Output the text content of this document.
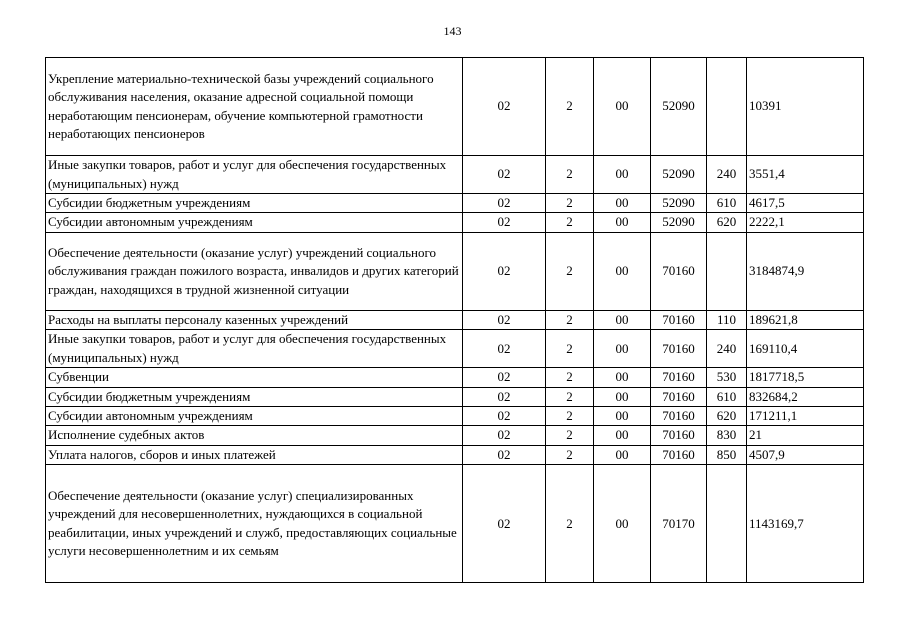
143
Укрепление материально-технической базы учреждений социального обслуживания населения, оказание адресной социальной помощи неработающим пенсионерам, обучение компьютерной грамотности неработающих пенсионеров	02	2	00	52090		10391
Иные закупки товаров, работ и услуг для обеспечения государственных (муниципальных) нужд	02	2	00	52090	240	3551,4
Субсидии бюджетным учреждениям	02	2	00	52090	610	4617,5
Субсидии автономным учреждениям	02	2	00	52090	620	2222,1
Обеспечение деятельности (оказание услуг) учреждений социального обслуживания граждан пожилого возраста, инвалидов и других категорий граждан, находящихся в трудной жизненной ситуации	02	2	00	70160		3184874,9
Расходы на выплаты персоналу казенных учреждений	02	2	00	70160	110	189621,8
Иные закупки товаров, работ и услуг для обеспечения государственных (муниципальных) нужд	02	2	00	70160	240	169110,4
Субвенции	02	2	00	70160	530	1817718,5
Субсидии бюджетным учреждениям	02	2	00	70160	610	832684,2
Субсидии автономным учреждениям	02	2	00	70160	620	171211,1
Исполнение судебных актов	02	2	00	70160	830	21
Уплата налогов, сборов и иных платежей	02	2	00	70160	850	4507,9
Обеспечение деятельности (оказание услуг) специализированных учреждений для несовершеннолетних, нуждающихся в социальной реабилитации, иных учреждений и служб, предоставляющих социальные услуги несовершеннолетним и их семьям	02	2	00	70170		1143169,7
